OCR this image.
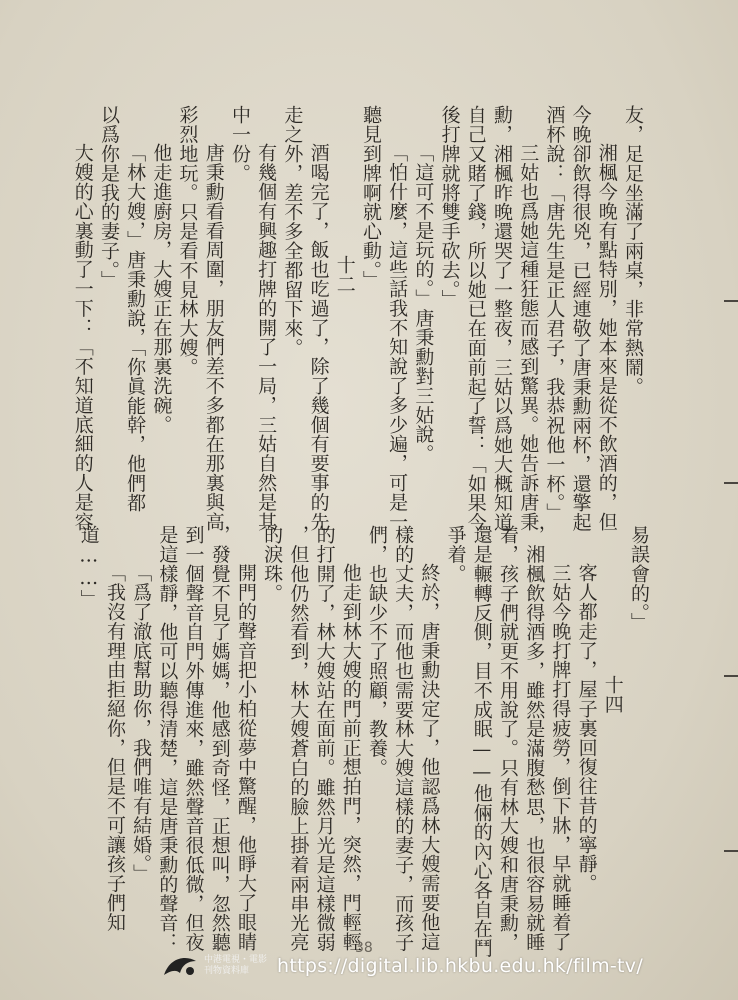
友，足足坐滿了兩桌，非常熱鬧。

湘楓今晚有點特別，她本來是從不飲酒的，但

今晚卻飲得很兇，已經連敬了唐秉勳兩杯，還擎起

酒杯說：「唐先生是正人君子，我恭祝他一杯。」

三姑也爲她這種狂態而感到驚異。她告訴唐秉

勳，湘楓昨晚還哭了一整夜，三姑以爲她大概知道

自己又賭了錢，所以她已在面前起了誓：「如果今

後打牌就將雙手砍去。」

「這可不是玩的。」唐秉勳對三姑說。

「怕什麼，這些話我不知說了多少遍，可是一

聽見到牌啊就心動。」

十二

酒喝完了，飯也吃過了，除了幾個有要事的先

走之外，差不多全都留下來。

有幾個有興趣打牌的開了一局，三姑自然是其

中一份。

唐秉勳看看周圍，朋友們差不多都在那裏與高

彩烈地玩。只是看不見林大嫂。

他走進廚房，大嫂正在那裏洗碗。

「林大嫂，」唐秉勳說，「你眞能幹，他們都

以爲你是我的妻子。」

大嫂的心裏動了一下：「不知道底細的人是容

易誤會的。」

十四

客人都走了，屋子裏回復往昔的寧靜。

三姑今晚打牌打得疲勞，倒下牀，早就睡着了

，湘楓飲得酒多，雖然是滿腹愁思，也很容易就睡

着，孩子們就更不用說了。只有林大嫂和唐秉勳，

還是輾轉反側，目不成眠——他倆的內心各自在鬥

爭着。

終於，唐秉勳決定了，他認爲林大嫂需要他這

樣的丈夫，而他也需要林大嫂這樣的妻子，而孩子

們，也缺少不了照顧，教養。

他走到林大嫂的門前正想拍門，突然，門輕輕

的打開了，林大嫂站在面前。雖然月光是這樣微弱

，但他仍然看到，林大嫂蒼白的臉上掛着兩串光亮

的淚珠。

開門的聲音把小柏從夢中驚醒，他睜大了眼睛

，發覺不見了媽媽，他感到奇怪，正想叫，忽然聽

到一個聲音自門外傳進來，雖然聲音很低微，但夜

是這樣靜，他可以聽得清楚，這是唐秉勳的聲音：

「爲了澈底幫助你，我們唯有結婚。」

「我沒有理由拒絕你，但是不可讓孩子們知

道……」

38
中港電視・電影
刊物資料庫	https://digital.lib.hkbu.edu.hk/film-tv/
